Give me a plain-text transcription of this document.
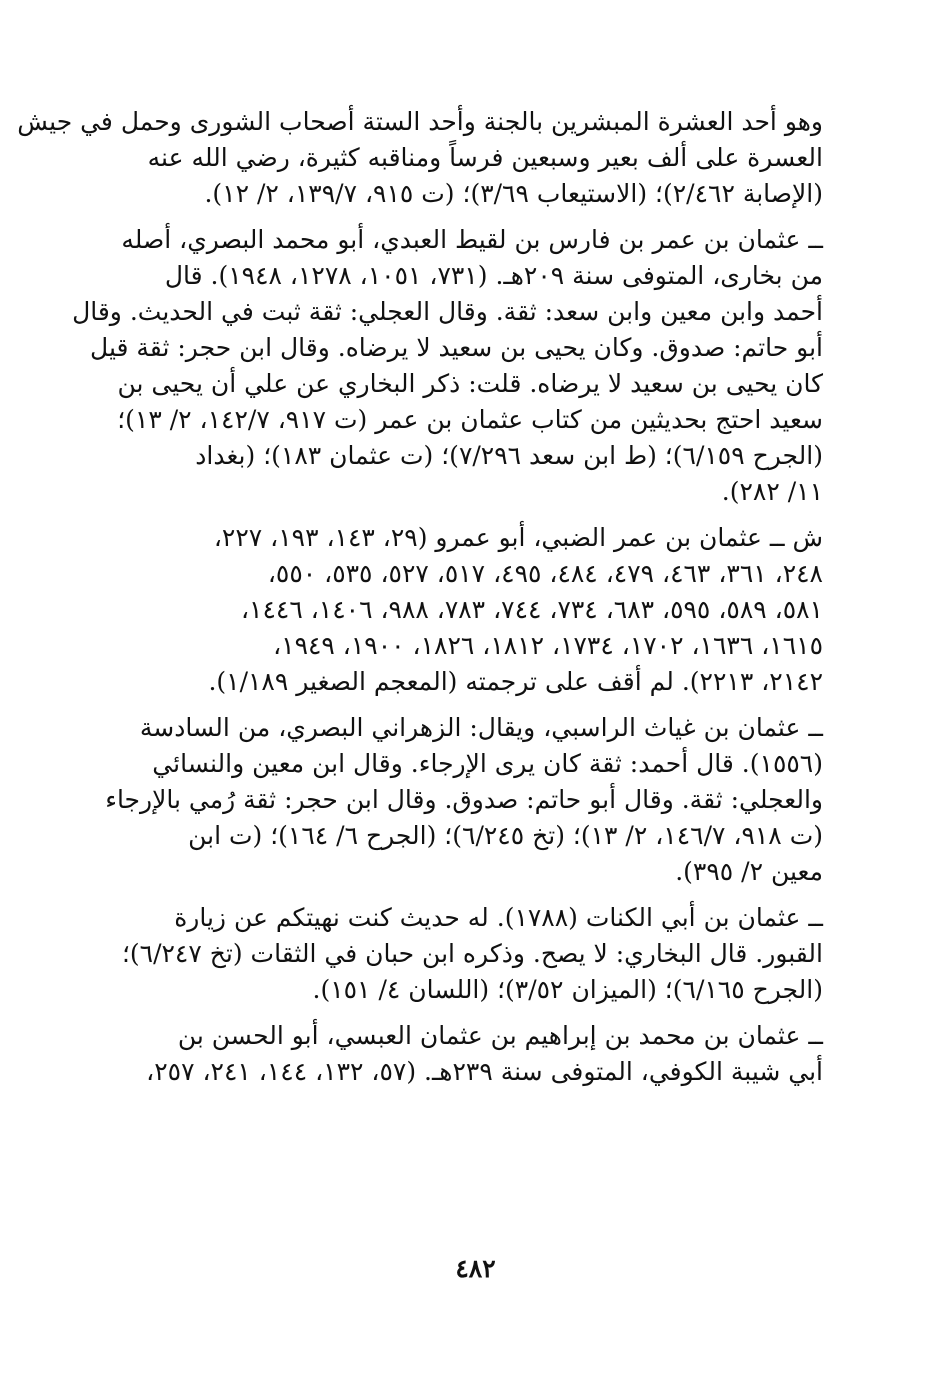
وهو أحد العشرة المبشرين بالجنة وأحد الستة أصحاب الشورى وحمل في جيش
العسرة على ألف بعير وسبعين فرساً ومناقبه كثيرة، رضي الله عنه
(الإصابة ٢/٤٦٢)؛ (الاستيعاب ٣/٦٩)؛ (ت ٩١٥، ١٣٩/٧، ٢/ ١٢).
ــ عثمان بن عمر بن فارس بن لقيط العبدي، أبو محمد البصري، أصله
من بخارى، المتوفى سنة ٢٠٩هـ. (٧٣١، ١٠٥١، ١٢٧٨، ١٩٤٨). قال
أحمد وابن معين وابن سعد: ثقة. وقال العجلي: ثقة ثبت في الحديث. وقال
أبو حاتم: صدوق. وكان يحيى بن سعيد لا يرضاه. وقال ابن حجر: ثقة قيل
كان يحيى بن سعيد لا يرضاه. قلت: ذكر البخاري عن علي أن يحيى بن
سعيد احتج بحديثين من كتاب عثمان بن عمر (ت ٩١٧، ١٤٢/٧، ٢/ ١٣)؛
(الجرح ٦/١٥٩)؛ (ط ابن سعد ٧/٢٩٦)؛ (ت عثمان ١٨٣)؛ (بغداد
١١/ ٢٨٢).
ش ــ عثمان بن عمر الضبي، أبو عمرو (٢٩، ١٤٣، ١٩٣، ٢٢٧،
٢٤٨، ٣٦١، ٤٦٣، ٤٧٩، ٤٨٤، ٤٩٥، ٥١٧، ٥٢٧، ٥٣٥، ٥٥٠،
٥٨١، ٥٨٩، ٥٩٥، ٦٨٣، ٧٣٤، ٧٤٤، ٧٨٣، ٩٨٨، ١٤٠٦، ١٤٤٦،
١٦١٥، ١٦٣٦، ١٧٠٢، ١٧٣٤، ١٨١٢، ١٨٢٦، ١٩٠٠، ١٩٤٩،
٢١٤٢، ٢٢١٣). لم أقف على ترجمته (المعجم الصغير ١/١٨٩).
ــ عثمان بن غياث الراسبي، ويقال: الزهراني البصري، من السادسة
(١٥٥٦). قال أحمد: ثقة كان يرى الإرجاء. وقال ابن معين والنسائي
والعجلي: ثقة. وقال أبو حاتم: صدوق. وقال ابن حجر: ثقة رُمي بالإرجاء
(ت ٩١٨، ١٤٦/٧، ٢/ ١٣)؛ (تخ ٦/٢٤٥)؛ (الجرح ٦/ ١٦٤)؛ (ت ابن
معين ٢/ ٣٩٥).
ــ عثمان بن أبي الكنات (١٧٨٨). له حديث كنت نهيتكم عن زيارة
القبور. قال البخاري: لا يصح. وذكره ابن حبان في الثقات (تخ ٦/٢٤٧)؛
(الجرح ٦/١٦٥)؛ (الميزان ٣/٥٢)؛ (اللسان ٤/ ١٥١).
ــ عثمان بن محمد بن إبراهيم بن عثمان العبسي، أبو الحسن بن
أبي شيبة الكوفي، المتوفى سنة ٢٣٩هـ. (٥٧، ١٣٢، ١٤٤، ٢٤١، ٢٥٧،
٤٨٢
